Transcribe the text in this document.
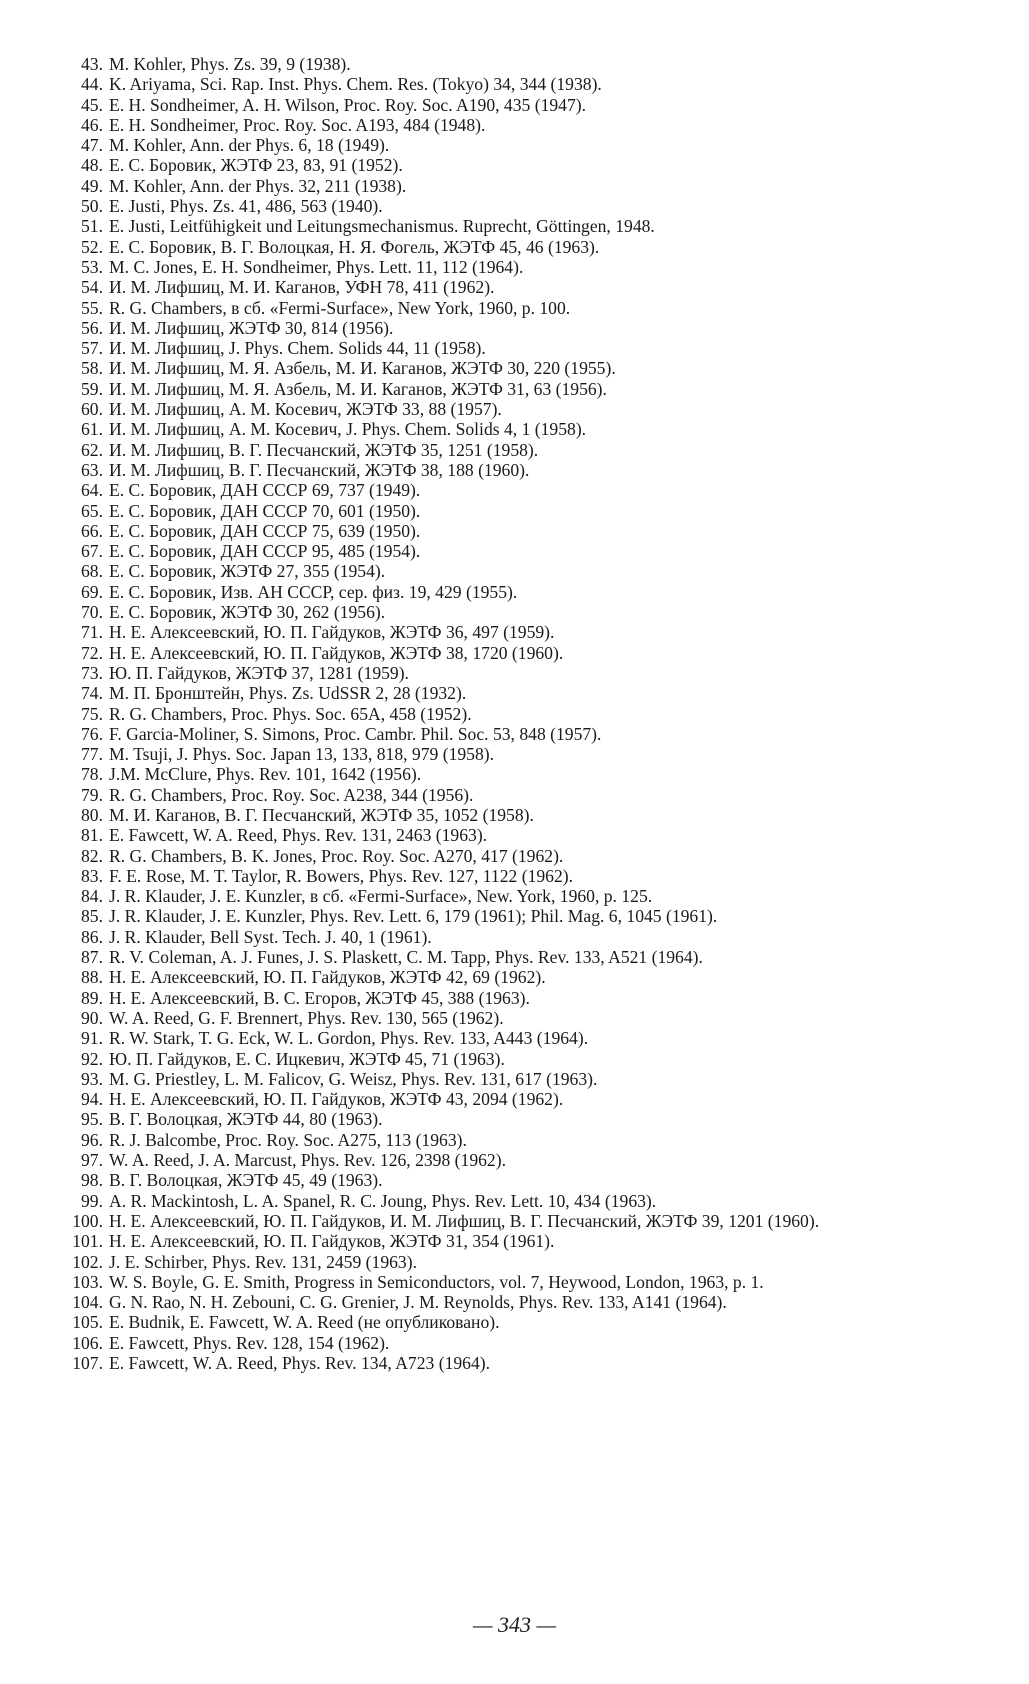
43. M. Kohler, Phys. Zs. 39, 9 (1938).
44. K. Ariyama, Sci. Rap. Inst. Phys. Chem. Res. (Tokyo) 34, 344 (1938).
45. E. H. Sondheimer, A. H. Wilson, Proc. Roy. Soc. A190, 435 (1947).
46. E. H. Sondheimer, Proc. Roy. Soc. A193, 484 (1948).
47. M. Kohler, Ann. der Phys. 6, 18 (1949).
48. Е. С. Боровик, ЖЭТФ 23, 83, 91 (1952).
49. M. Kohler, Ann. der Phys. 32, 211 (1938).
50. E. Justi, Phys. Zs. 41, 486, 563 (1940).
51. E. Justi, Leitfühigkeit und Leitungsmechanismus. Ruprecht, Göttingen, 1948.
52. Е. С. Боровик, В. Г. Волоцкая, Н. Я. Фогель, ЖЭТФ 45, 46 (1963).
53. M. C. Jones, E. H. Sondheimer, Phys. Lett. 11, 112 (1964).
54. И. М. Лифшиц, М. И. Каганов, УФН 78, 411 (1962).
55. R. G. Chambers, в сб. «Fermi-Surface», New York, 1960, p. 100.
56. И. М. Лифшиц, ЖЭТФ 30, 814 (1956).
57. И. М. Лифшиц, J. Phys. Chem. Solids 44, 11 (1958).
58. И. М. Лифшиц, М. Я. Азбель, М. И. Каганов, ЖЭТФ 30, 220 (1955).
59. И. М. Лифшиц, М. Я. Азбель, М. И. Каганов, ЖЭТФ 31, 63 (1956).
60. И. М. Лифшиц, А. М. Косевич, ЖЭТФ 33, 88 (1957).
61. И. М. Лифшиц, А. М. Косевич, J. Phys. Chem. Solids 4, 1 (1958).
62. И. М. Лифшиц, В. Г. Песчанский, ЖЭТФ 35, 1251 (1958).
63. И. М. Лифшиц, В. Г. Песчанский, ЖЭТФ 38, 188 (1960).
64. Е. С. Боровик, ДАН СССР 69, 737 (1949).
65. Е. С. Боровик, ДАН СССР 70, 601 (1950).
66. Е. С. Боровик, ДАН СССР 75, 639 (1950).
67. Е. С. Боровик, ДАН СССР 95, 485 (1954).
68. Е. С. Боровик, ЖЭТФ 27, 355 (1954).
69. Е. С. Боровик, Изв. АН СССР, сер. физ. 19, 429 (1955).
70. Е. С. Боровик, ЖЭТФ 30, 262 (1956).
71. Н. Е. Алексеевский, Ю. П. Гайдуков, ЖЭТФ 36, 497 (1959).
72. Н. Е. Алексеевский, Ю. П. Гайдуков, ЖЭТФ 38, 1720 (1960).
73. Ю. П. Гайдуков, ЖЭТФ 37, 1281 (1959).
74. М. П. Бронштейн, Phys. Zs. UdSSR 2, 28 (1932).
75. R. G. Chambers, Proc. Phys. Soc. 65A, 458 (1952).
76. F. Garcia-Moliner, S. Simons, Proc. Cambr. Phil. Soc. 53, 848 (1957).
77. M. Tsuji, J. Phys. Soc. Japan 13, 133, 818, 979 (1958).
78. J.M. McClure, Phys. Rev. 101, 1642 (1956).
79. R. G. Chambers, Proc. Roy. Soc. A238, 344 (1956).
80. М. И. Каганов, В. Г. Песчанский, ЖЭТФ 35, 1052 (1958).
81. E. Fawcett, W. A. Reed, Phys. Rev. 131, 2463 (1963).
82. R. G. Chambers, B. K. Jones, Proc. Roy. Soc. A270, 417 (1962).
83. F. E. Rose, M. T. Taylor, R. Bowers, Phys. Rev. 127, 1122 (1962).
84. J. R. Klauder, J. E. Kunzler, в сб. «Fermi-Surface», New. York, 1960, p. 125.
85. J. R. Klauder, J. E. Kunzler, Phys. Rev. Lett. 6, 179 (1961); Phil. Mag. 6, 1045 (1961).
86. J. R. Klauder, Bell Syst. Tech. J. 40, 1 (1961).
87. R. V. Coleman, A. J. Funes, J. S. Plaskett, C. M. Tapp, Phys. Rev. 133, A521 (1964).
88. Н. Е. Алексеевский, Ю. П. Гайдуков, ЖЭТФ 42, 69 (1962).
89. Н. Е. Алексеевский, В. С. Егоров, ЖЭТФ 45, 388 (1963).
90. W. A. Reed, G. F. Brennert, Phys. Rev. 130, 565 (1962).
91. R. W. Stark, T. G. Eck, W. L. Gordon, Phys. Rev. 133, A443 (1964).
92. Ю. П. Гайдуков, Е. С. Ицкевич, ЖЭТФ 45, 71 (1963).
93. M. G. Priestley, L. M. Falicov, G. Weisz, Phys. Rev. 131, 617 (1963).
94. Н. Е. Алексеевский, Ю. П. Гайдуков, ЖЭТФ 43, 2094 (1962).
95. В. Г. Волоцкая, ЖЭТФ 44, 80 (1963).
96. R. J. Balcombe, Proc. Roy. Soc. A275, 113 (1963).
97. W. A. Reed, J. A. Marcust, Phys. Rev. 126, 2398 (1962).
98. В. Г. Волоцкая, ЖЭТФ 45, 49 (1963).
99. A. R. Mackintosh, L. A. Spanel, R. C. Joung, Phys. Rev. Lett. 10, 434 (1963).
100. Н. Е. Алексеевский, Ю. П. Гайдуков, И. М. Лифшиц, В. Г. Песчанский, ЖЭТФ 39, 1201 (1960).
101. Н. Е. Алексеевский, Ю. П. Гайдуков, ЖЭТФ 31, 354 (1961).
102. J. E. Schirber, Phys. Rev. 131, 2459 (1963).
103. W. S. Boyle, G. E. Smith, Progress in Semiconductors, vol. 7, Heywood, London, 1963, p. 1.
104. G. N. Rao, N. H. Zebouni, C. G. Grenier, J. M. Reynolds, Phys. Rev. 133, A141 (1964).
105. E. Budnik, E. Fawcett, W. A. Reed (не опубликовано).
106. E. Fawcett, Phys. Rev. 128, 154 (1962).
107. E. Fawcett, W. A. Reed, Phys. Rev. 134, A723 (1964).
— 343 —
